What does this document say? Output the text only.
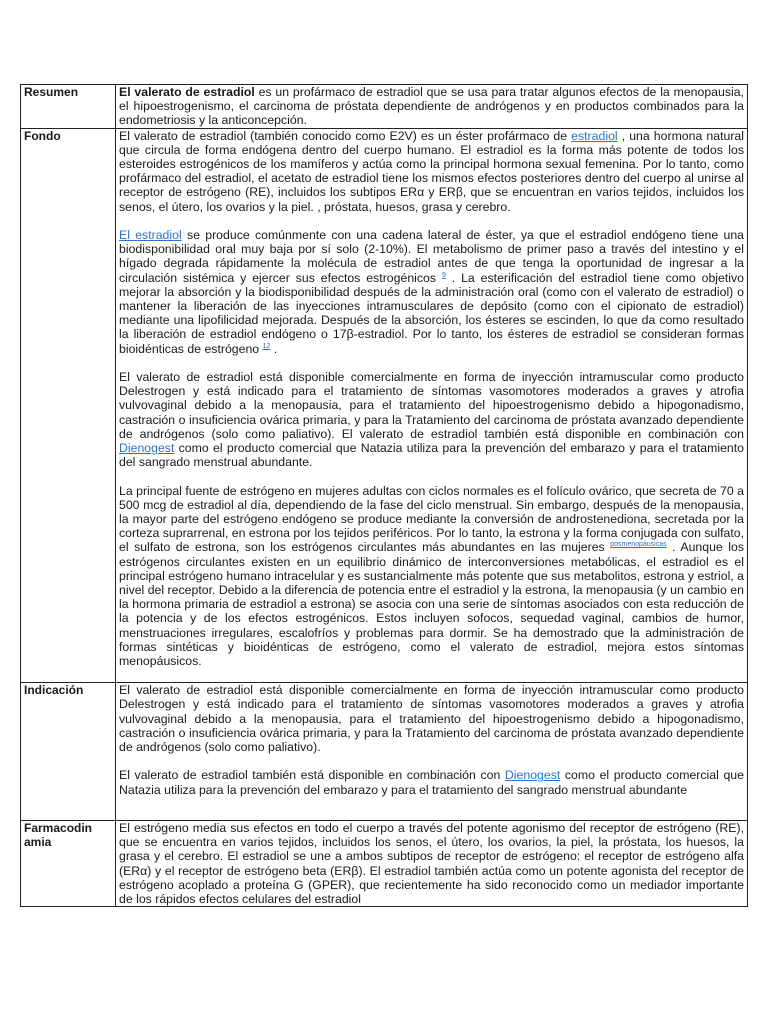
Resumen	El valerato de estradiol es un profármaco de estradiol que se usa para tratar algunos efectos de la menopausia, el hipoestrogenismo, el carcinoma de próstata dependiente de andrógenos y en productos combinados para la endometriosis y la anticoncepción.

Fondo	El valerato de estradiol (también conocido como E2V) es un éster profármaco de estradiol , una hormona natural que circula de forma endógena dentro del cuerpo humano. El estradiol es la forma más potente de todos los esteroides estrogénicos de los mamíferos y actúa como la principal hormona sexual femenina. Por lo tanto, como profármaco del estradiol, el acetato de estradiol tiene los mismos efectos posteriores dentro del cuerpo al unirse al receptor de estrógeno (RE), incluidos los subtipos ERα y ERβ, que se encuentran en varios tejidos, incluidos los senos, el útero, los ovarios y la piel. , próstata, huesos, grasa y cerebro.

El estradiol se produce comúnmente con una cadena lateral de éster, ya que el estradiol endógeno tiene una biodisponibilidad oral muy baja por sí solo (2-10%). El metabolismo de primer paso a través del intestino y el hígado degrada rápidamente la molécula de estradiol antes de que tenga la oportunidad de ingresar a la circulación sistémica y ejercer sus efectos estrogénicos $^9$ . La esterificación del estradiol tiene como objetivo mejorar la absorción y la biodisponibilidad después de la administración oral (como con el valerato de estradiol) o mantener la liberación de las inyecciones intramusculares de depósito (como con el cipionato de estradiol) mediante una lipofilicidad mejorada. Después de la absorción, los ésteres se escinden, lo que da como resultado la liberación de estradiol endógeno o 17β-estradiol. Por lo tanto, los ésteres de estradiol se consideran formas bioidénticas de estrógeno $^{12}$ .

El valerato de estradiol está disponible comercialmente en forma de inyección intramuscular como producto Delestrogen y está indicado para el tratamiento de síntomas vasomotores moderados a graves y atrofia vulvovaginal debido a la menopausia, para el tratamiento del hipoestrogenismo debido a hipogonadismo, castración o insuficiencia ovárica primaria, y para la Tratamiento del carcinoma de próstata avanzado dependiente de andrógenos (solo como paliativo). El valerato de estradiol también está disponible en combinación con Dienogest como el producto comercial que Natazia utiliza para la prevención del embarazo y para el tratamiento del sangrado menstrual abundante.

La principal fuente de estrógeno en mujeres adultas con ciclos normales es el folículo ovárico, que secreta de 70 a 500 mcg de estradiol al día, dependiendo de la fase del ciclo menstrual. Sin embargo, después de la menopausia, la mayor parte del estrógeno endógeno se produce mediante la conversión de androstenediona, secretada por la corteza suprarrenal, en estrona por los tejidos periféricos. Por lo tanto, la estrona y la forma conjugada con sulfato, el sulfato de estrona, son los estrógenos circulantes más abundantes en las mujeres $^{posmenopáusicas}$ . Aunque los estrógenos circulantes existen en un equilibrio dinámico de interconversiones metabólicas, el estradiol es el principal estrógeno humano intracelular y es sustancialmente más potente que sus metabolitos, estrona y estriol, a nivel del receptor. Debido a la diferencia de potencia entre el estradiol y la estrona, la menopausia (y un cambio en la hormona primaria de estradiol a estrona) se asocia con una serie de síntomas asociados con esta reducción de la potencia y de los efectos estrogénicos. Estos incluyen sofocos, sequedad vaginal, cambios de humor, menstruaciones irregulares, escalofríos y problemas para dormir. Se ha demostrado que la administración de formas sintéticas y bioidénticas de estrógeno, como el valerato de estradiol, mejora estos síntomas menopáusicos.

Indicación	El valerato de estradiol está disponible comercialmente en forma de inyección intramuscular como producto Delestrogen y está indicado para el tratamiento de síntomas vasomotores moderados a graves y atrofia vulvovaginal debido a la menopausia, para el tratamiento del hipoestrogenismo debido a hipogonadismo, castración o insuficiencia ovárica primaria, y para la Tratamiento del carcinoma de próstata avanzado dependiente de andrógenos (solo como paliativo).

El valerato de estradiol también está disponible en combinación con Dienogest como el producto comercial que Natazia utiliza para la prevención del embarazo y para el tratamiento del sangrado menstrual abundante

Farmacodin
amia	El estrógeno media sus efectos en todo el cuerpo a través del potente agonismo del receptor de estrógeno (RE), que se encuentra en varios tejidos, incluidos los senos, el útero, los ovarios, la piel, la próstata, los huesos, la grasa y el cerebro. El estradiol se une a ambos subtipos de receptor de estrógeno: el receptor de estrógeno alfa (ERα) y el receptor de estrógeno beta (ERβ). El estradiol también actúa como un potente agonista del receptor de estrógeno acoplado a proteína G (GPER), que recientemente ha sido reconocido como un mediador importante de los rápidos efectos celulares del estradiol
